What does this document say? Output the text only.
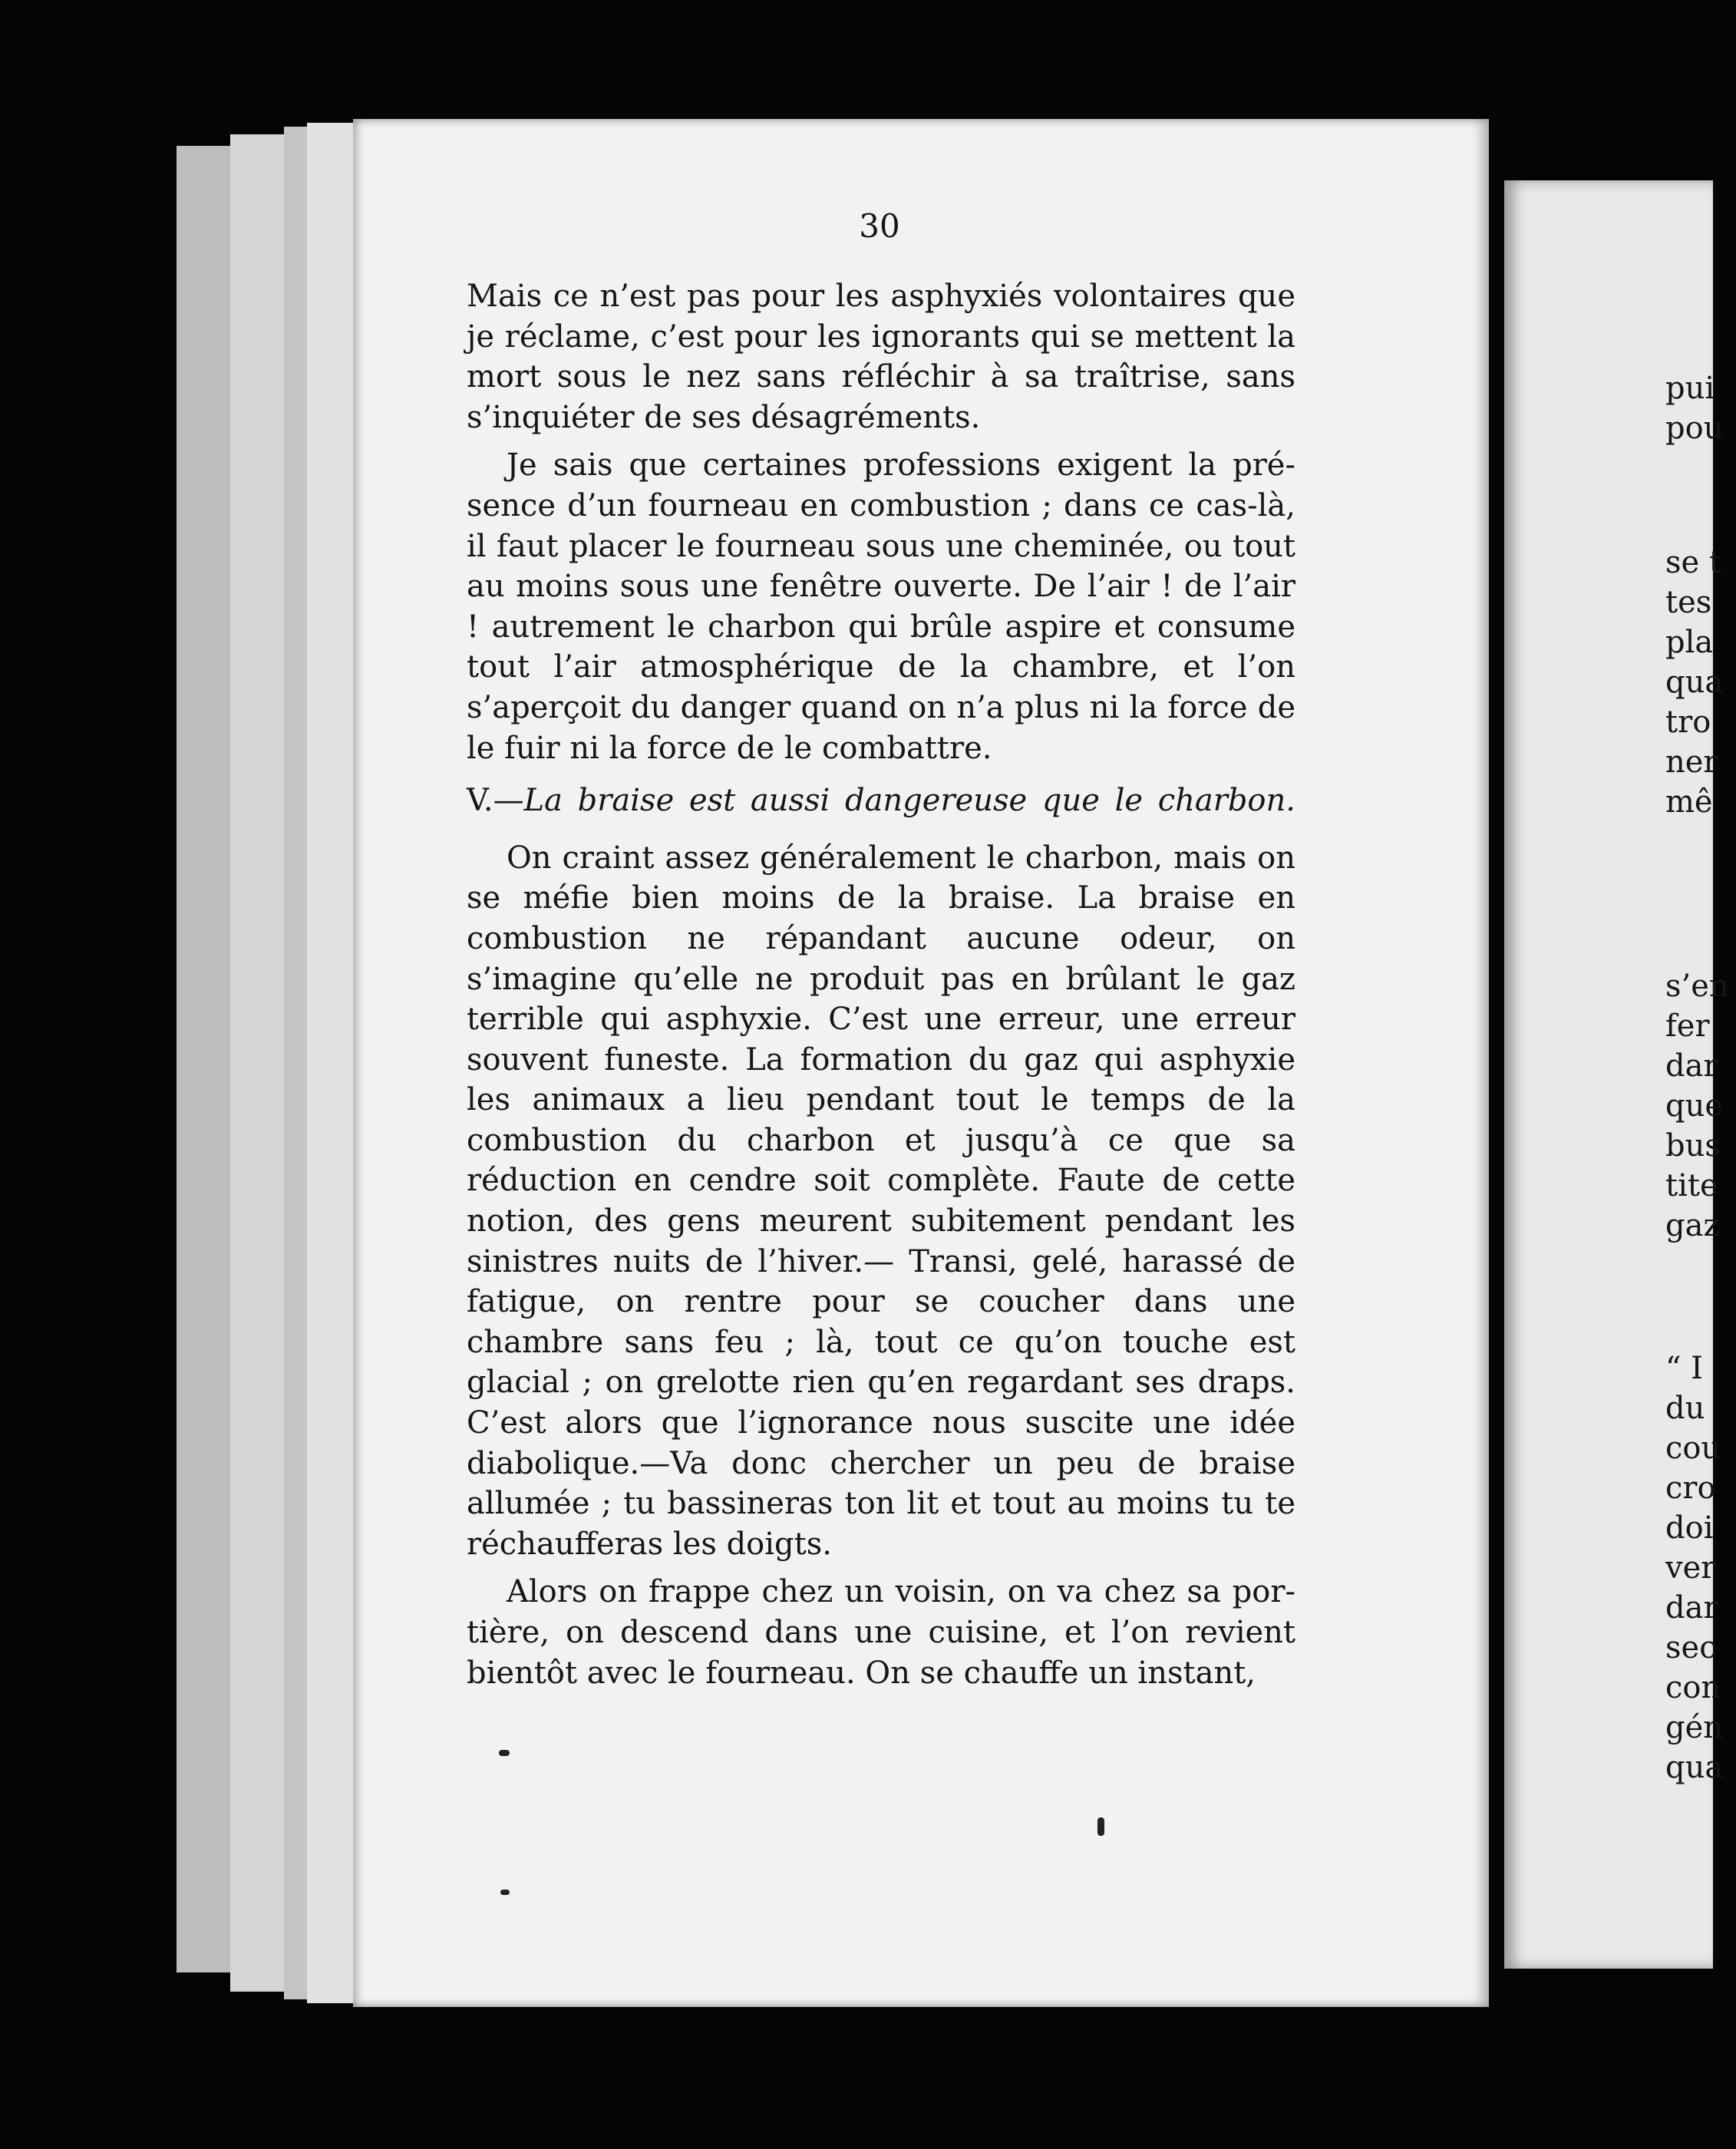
30

Mais ce n’est pas pour les asphyxiés volontaires que je réclame, c’est pour les ignorants qui se mettent la mort sous le nez sans réfléchir à sa traîtrise, sans s’inquiéter de ses désagréments.

Je sais que certaines professions exigent la présence d’un fourneau en combustion ; dans ce cas-là, il faut placer le fourneau sous une cheminée, ou tout au moins sous une fenêtre ouverte. De l’air ! de l’air ! autrement le charbon qui brûle aspire et consume tout l’air atmosphérique de la chambre, et l’on s’aperçoit du danger quand on n’a plus ni la force de le fuir ni la force de le combattre.

V.—La braise est aussi dangereuse que le charbon.

On craint assez généralement le charbon, mais on se méfie bien moins de la braise. La braise en combustion ne répandant aucune odeur, on s’imagine qu’elle ne produit pas en brûlant le gaz terrible qui asphyxie. C’est une erreur, une erreur souvent funeste. La formation du gaz qui asphyxie les animaux a lieu pendant tout le temps de la combustion du charbon et jusqu’à ce que sa réduction en cendre soit complète. Faute de cette notion, des gens meurent subitement pendant les sinistres nuits de l’hiver.— Transi, gelé, harassé de fatigue, on rentre pour se coucher dans une chambre sans feu ; là, tout ce qu’on touche est glacial ; on grelotte rien qu’en regardant ses draps. C’est alors que l’ignorance nous suscite une idée diabolique.—Va donc chercher un peu de braise allumée ; tu bassineras ton lit et tout au moins tu te réchaufferas les doigts.

Alors on frappe chez un voisin, on va chez sa portière, on descend dans une cuisine, et l’on revient bientôt avec le fourneau. On se chauffe un instant,

pui
pou
se t
tes
pla
qua
tro
ner
mê
s’en
fer
dar
que
bus
tite
gaz
“ I
du
cou
cro
doi
ver
dar
sec
con
gén
qua
